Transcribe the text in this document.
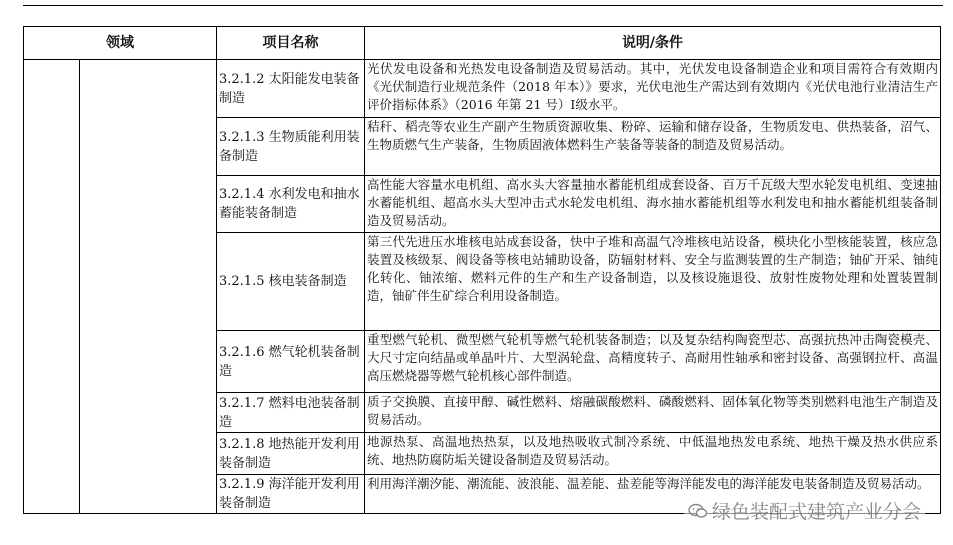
领域		项目名称	说明/条件
		3.2.1.2 太阳能发电装备制造	光伏发电设备和光热发电设备制造及贸易活动。其中，光伏发电设备制造企业和项目需符合有效期内《光伏制造行业规范条件（2018 年本）》要求，光伏电池生产需达到有效期内《光伏电池行业清洁生产评价指标体系》（2016 年第 21 号）Ⅰ级水平。
		3.2.1.3 生物质能利用装备制造	秸秆、稻壳等农业生产副产生物质资源收集、粉碎、运输和储存设备，生物质发电、供热装备，沼气、生物质燃气生产装备，生物质固液体燃料生产装备等装备的制造及贸易活动。
		3.2.1.4 水利发电和抽水蓄能装备制造	高性能大容量水电机组、高水头大容量抽水蓄能机组成套设备、百万千瓦级大型水轮发电机组、变速抽水蓄能机组、超高水头大型冲击式水轮发电机组、海水抽水蓄能机组等水利发电和抽水蓄能机组装备制造及贸易活动。
		3.2.1.5 核电装备制造	第三代先进压水堆核电站成套设备，快中子堆和高温气冷堆核电站设备，模块化小型核能装置，核应急装置及核级泵、阀设备等核电站辅助设备，防辐射材料、安全与监测装置的生产制造；铀矿开采、铀纯化转化、铀浓缩、燃料元件的生产和生产设备制造，以及核设施退役、放射性废物处理和处置装置制造，铀矿伴生矿综合利用设备制造。
		3.2.1.6 燃气轮机装备制造	重型燃气轮机、微型燃气轮机等燃气轮机装备制造；以及复杂结构陶瓷型芯、高强抗热冲击陶瓷模壳、大尺寸定向结晶或单晶叶片、大型涡轮盘、高精度转子、高耐用性轴承和密封设备、高强钢拉杆、高温高压燃烧器等燃气轮机核心部件制造。
		3.2.1.7 燃料电池装备制造	质子交换膜、直接甲醇、碱性燃料、熔融碳酸燃料、磷酸燃料、固体氧化物等类别燃料电池生产制造及贸易活动。
		3.2.1.8 地热能开发利用装备制造	地源热泵、高温地热热泵，以及地热吸收式制冷系统、中低温地热发电系统、地热干燥及热水供应系统、地热防腐防垢关键设备制造及贸易活动。
		3.2.1.9 海洋能开发利用装备制造	利用海洋潮汐能、潮流能、波浪能、温差能、盐差能等海洋能发电的海洋能发电装备制造及贸易活动。
绿色装配式建筑产业分会
